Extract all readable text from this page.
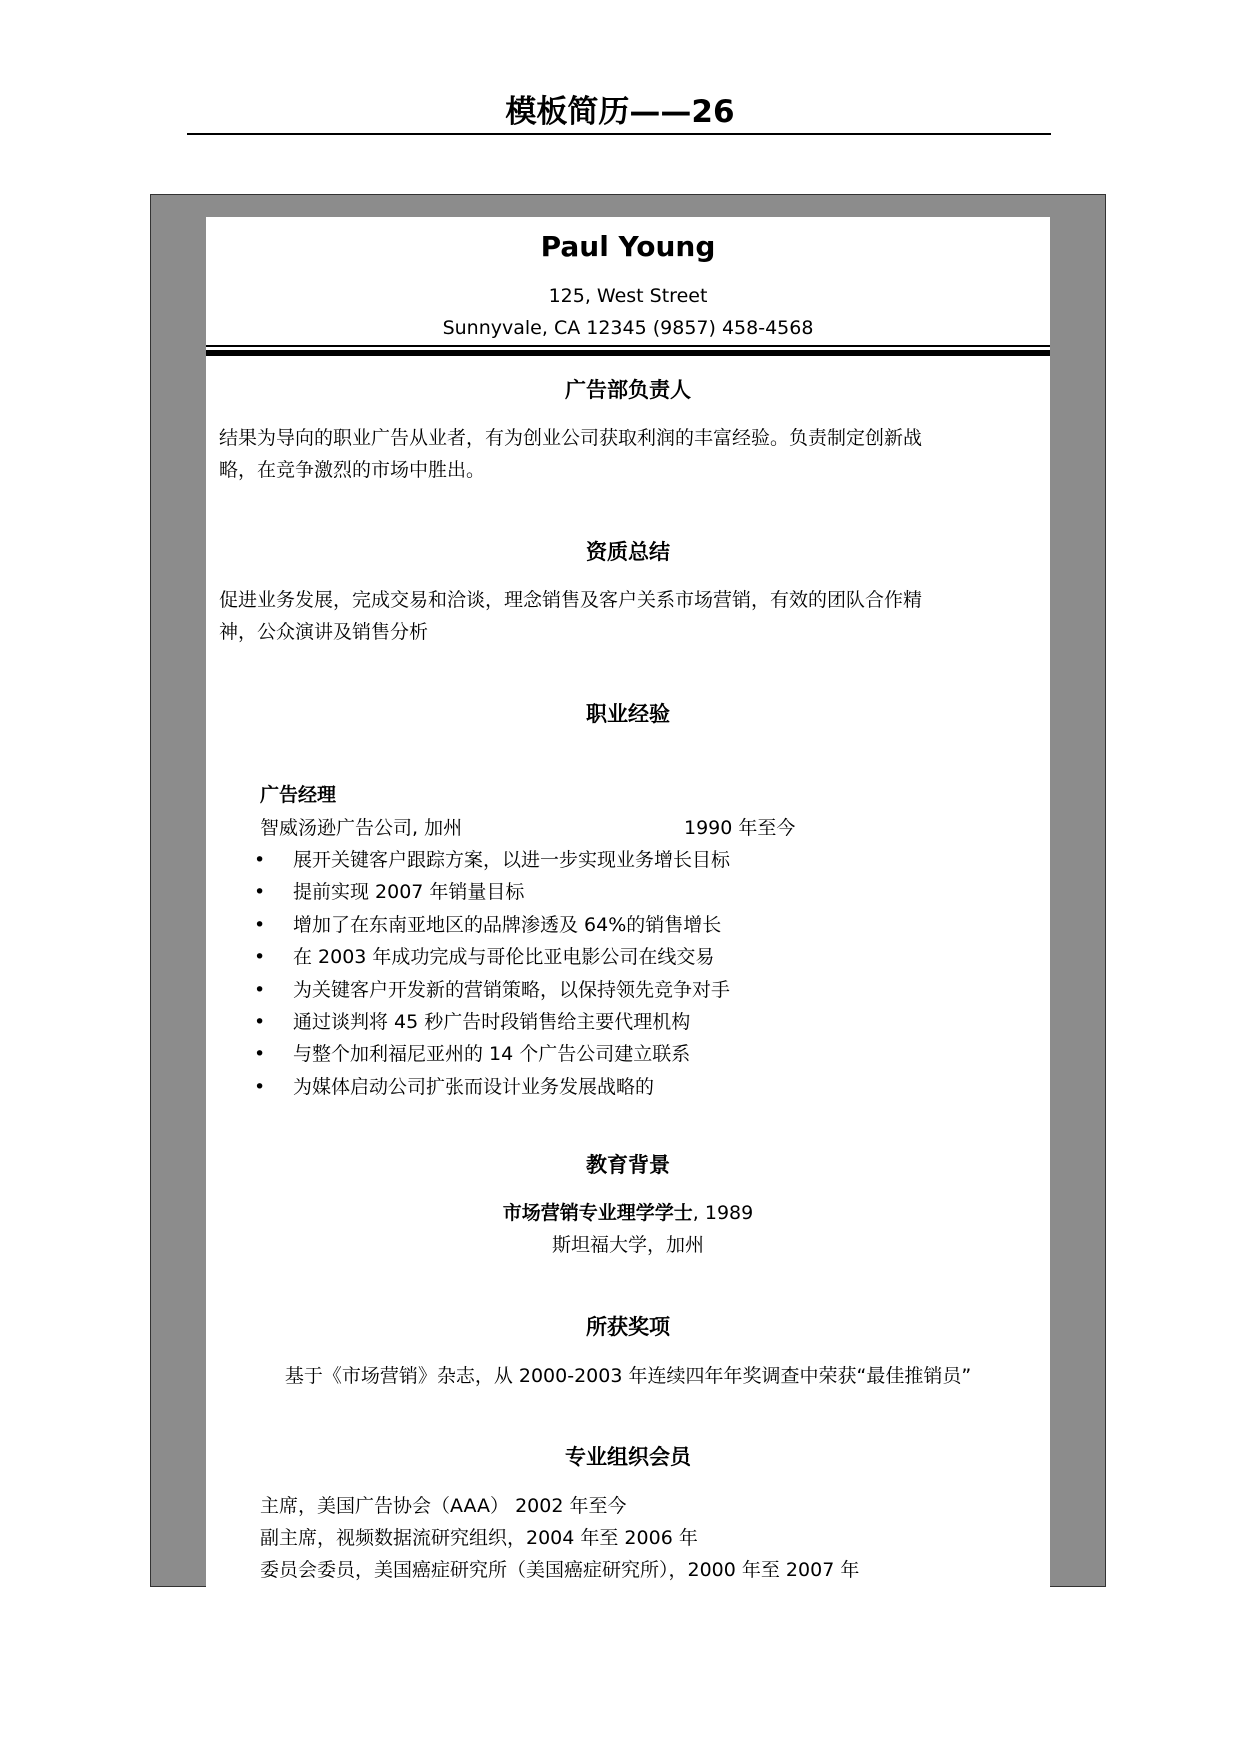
模板简历——26
Paul Young
125, West Street
Sunnyvale, CA 12345 (9857) 458-4568
广告部负责人
结果为导向的职业广告从业者，有为创业公司获取利润的丰富经验。负责制定创新战
略，在竞争激烈的市场中胜出。
资质总结
促进业务发展，完成交易和洽谈，理念销售及客户关系市场营销，有效的团队合作精
神，公众演讲及销售分析
职业经验
广告经理
智威汤逊广告公司, 加州	1990 年至今
• 展开关键客户跟踪方案，以进一步实现业务增长目标
• 提前实现 2007 年销量目标
• 增加了在东南亚地区的品牌渗透及 64%的销售增长
• 在 2003 年成功完成与哥伦比亚电影公司在线交易
• 为关键客户开发新的营销策略，以保持领先竞争对手
• 通过谈判将 45 秒广告时段销售给主要代理机构
• 与整个加利福尼亚州的 14 个广告公司建立联系
• 为媒体启动公司扩张而设计业务发展战略的
教育背景
市场营销专业理学学士, 1989
斯坦福大学，加州
所获奖项
基于《市场营销》杂志，从 2000-2003 年连续四年年奖调查中荣获“最佳推销员”
专业组织会员
主席，美国广告协会（AAA） 2002 年至今
副主席，视频数据流研究组织，2004 年至 2006 年
委员会委员，美国癌症研究所（美国癌症研究所），2000 年至 2007 年
